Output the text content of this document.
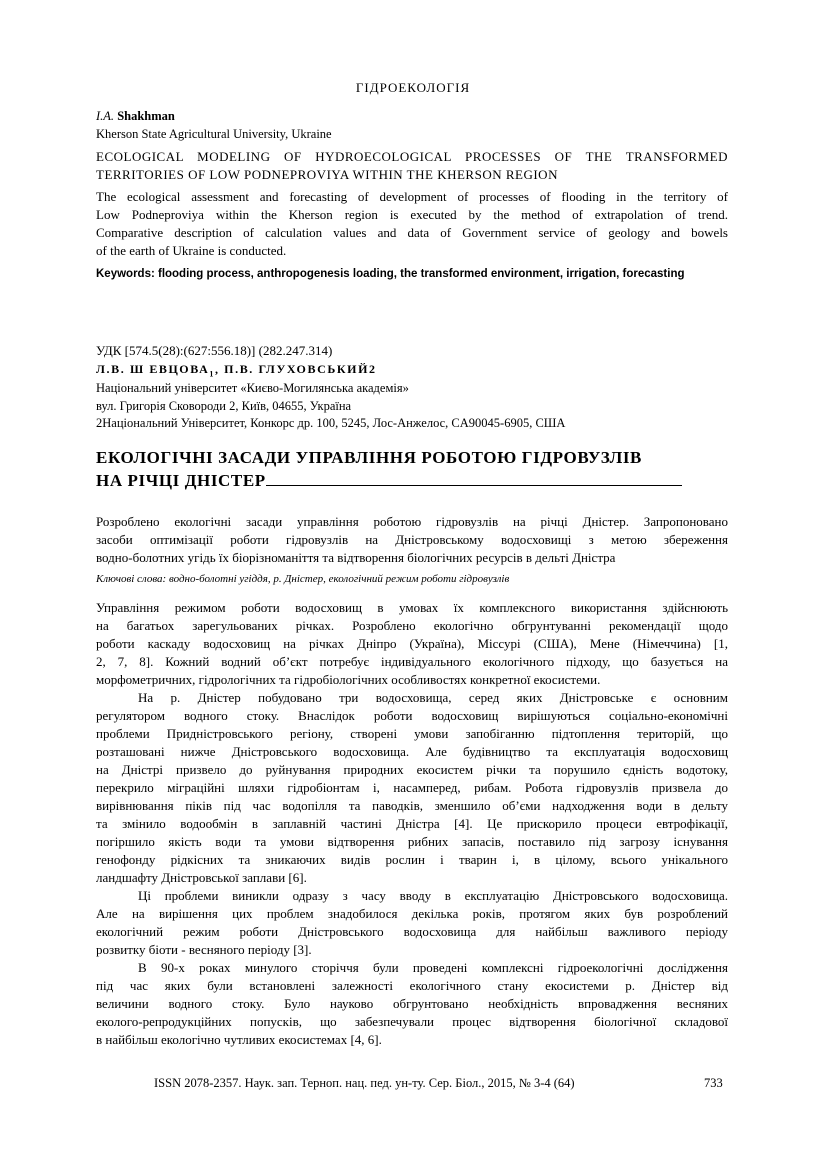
ГІДРОЕКОЛОГІЯ
I.A. Shakhman
Kherson State Agricultural University, Ukraine
ECOLOGICAL MODELING OF HYDROECOLOGICAL PROCESSES OF THE TRANSFORMED
TERRITORIES OF LOW PODNEPROVIYA WITHIN THE KHERSON REGION
The ecological assessment and forecasting of development of processes of flooding in the territory of
Low Podneproviya within the Kherson region is executed by the method of extrapolation of trend.
Comparative description of calculation values and data of Government service of geology and bowels
of the earth of Ukraine is conducted.
Keywords: flooding process, anthropogenesis loading, the transformed environment, irrigation, forecasting
УДК [574.5(28):(627:556.18)] (282.247.314)
Л.В. Ш $ЕВЦОВА_1$, П.В. ГЛУХОВСЬКИЙ2
Національний університет «Києво-Могилянська академія»
вул. Григорія Сковороди 2, Київ, 04655, Україна
2Національний Університет, Конкорс др. 100, 5245, Лос-Анжелос, CA90045-6905, США
ЕКОЛОГІЧНІ ЗАСАДИ УПРАВЛІННЯ РОБОТОЮ ГІДРОВУЗЛІВ
НА РІЧЦІ ДНІСТЕР
Розроблено екологічні засади управління роботою гідровузлів на річці Дністер. Запропоновано
засоби оптимізації роботи гідровузлів на Дністровському водосховищі з метою збереження
водно-болотних угідь їх біорізноманіття та відтворення біологічних ресурсів в дельті Дністра
Ключові слова: водно-болотні угіддя, р. Дністер, екологічний режим роботи гідровузлів

Управління режимом роботи водосховищ в умовах їх комплексного використання здійснюють
на багатьох зарегульованих річках. Розроблено екологічно обгрунтуванні рекомендації щодо
роботи каскаду водосховищ на річках Дніпро (Україна), Міссурі (США), Мене (Німеччина) [1,
2, 7, 8]. Кожний водний об’єкт потребує індивідуального екологічного підходу, що базується на
морфометричних, гідрологічних та гідробіологічних особливостях конкретної екосистеми.

На р. Дністер побудовано три водосховища, серед яких Дністровське є основним
регулятором водного стоку. Внаслідок роботи водосховищ вирішуються соціально-економічні
проблеми Придністровського регіону, створені умови запобіганню підтоплення територій, що
розташовані нижче Дністровського водосховища. Але будівництво та експлуатація водосховищ
на Дністрі призвело до руйнування природних екосистем річки та порушило єдність водотоку,
перекрило міграційні шляхи гідробіонтам і, насамперед, рибам. Робота гідровузлів призвела до
вирівнювання піків під час водопілля та паводків, зменшило об’єми надходження води в дельту
та змінило водообмін в заплавній частині Дністра [4]. Це прискорило процеси евтрофікації,
погіршило якість води та умови відтворення рибних запасів, поставило під загрозу існування
генофонду рідкісних та зникаючих видів рослин і тварин і, в цілому, всього унікального
ландшафту Дністровської заплави [6].

Ці проблеми виникли одразу з часу вводу в експлуатацію Дністровського водосховища.
Але на вирішення цих проблем знадобилося декілька років, протягом яких був розроблений
екологічний режим роботи Дністровського водосховища для найбільш важливого періоду
розвитку біоти - весняного періоду [3].

В 90-х роках минулого сторіччя були проведені комплексні гідроекологічні дослідження
під час яких були встановлені залежності екологічного стану екосистеми р. Дністер від
величини водного стоку. Було науково обгрунтовано необхідність впровадження весняних
еколого-репродукційних попусків, що забезпечували процес відтворення біологічної складової
в найбільш екологічно чутливих екосистемах [4, 6].

ISSN 2078-2357. Наук. зап. Терноп. нац. пед. ун-ту. Сер. Біол., 2015, № 3-4 (64)	733
